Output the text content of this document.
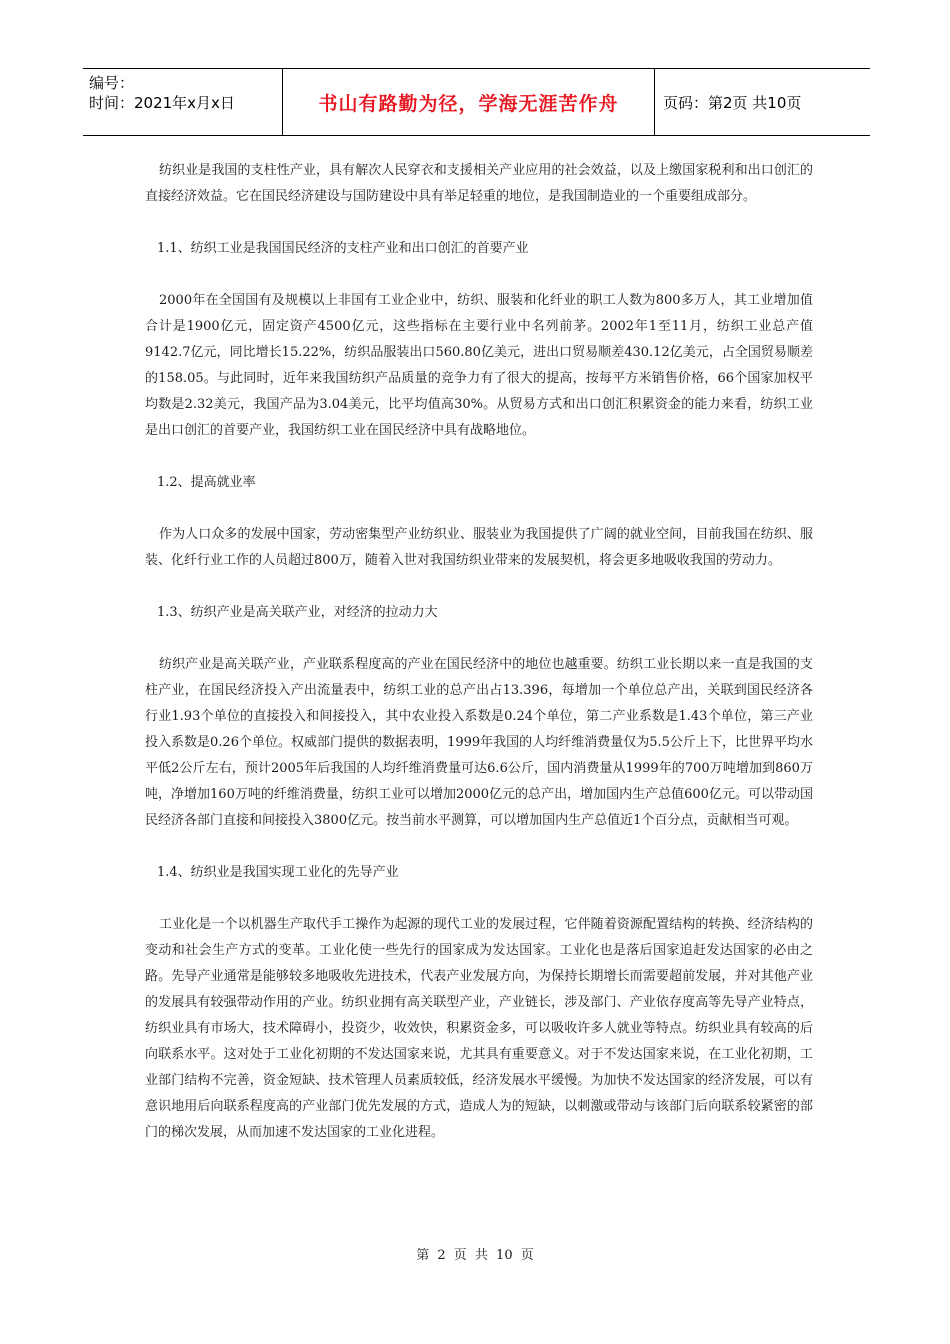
编号：
时间：2021年x月x日	书山有路勤为径，学海无涯苦作舟	页码：第2页 共10页

纺织业是我国的支柱性产业，具有解次人民穿衣和支援相关产业应用的社会效益，以及上缴国家税利和出口创汇的直接经济效益。它在国民经济建设与国防建设中具有举足轻重的地位，是我国制造业的一个重要组成部分。

1.1、纺织工业是我国国民经济的支柱产业和出口创汇的首要产业

2000年在全国国有及规模以上非国有工业企业中，纺织、服装和化纤业的职工人数为800多万人，其工业增加值合计是1900亿元，固定资产4500亿元，这些指标在主要行业中名列前茅。2002年1至11月，纺织工业总产值9142.7亿元，同比增长15.22%，纺织品服装出口560.80亿美元，进出口贸易顺差430.12亿美元，占全国贸易顺差的158.05。与此同时，近年来我国纺织产品质量的竞争力有了很大的提高，按每平方米销售价格，66个国家加权平均数是2.32美元，我国产品为3.04美元，比平均值高30%。从贸易方式和出口创汇积累资金的能力来看，纺织工业是出口创汇的首要产业，我国纺织工业在国民经济中具有战略地位。

1.2、提高就业率

作为人口众多的发展中国家，劳动密集型产业纺织业、服装业为我国提供了广阔的就业空间，目前我国在纺织、服装、化纤行业工作的人员超过800万，随着入世对我国纺织业带来的发展契机，将会更多地吸收我国的劳动力。

1.3、纺织产业是高关联产业，对经济的拉动力大

纺织产业是高关联产业，产业联系程度高的产业在国民经济中的地位也越重要。纺织工业长期以来一直是我国的支柱产业，在国民经济投入产出流量表中，纺织工业的总产出占13.396，每增加一个单位总产出，关联到国民经济各行业1.93个单位的直接投入和间接投入，其中农业投入系数是0.24个单位，第二产业系数是1.43个单位，第三产业投入系数是0.26个单位。权威部门提供的数据表明，1999年我国的人均纤维消费量仅为5.5公斤上下，比世界平均水平低2公斤左右，预计2005年后我国的人均纤维消费量可达6.6公斤，国内消费量从1999年的700万吨增加到860万吨，净增加160万吨的纤维消费量，纺织工业可以增加2000亿元的总产出，增加国内生产总值600亿元。可以带动国民经济各部门直接和间接投入3800亿元。按当前水平测算，可以增加国内生产总值近1个百分点，贡献相当可观。

1.4、纺织业是我国实现工业化的先导产业

工业化是一个以机器生产取代手工操作为起源的现代工业的发展过程，它伴随着资源配置结构的转换、经济结构的变动和社会生产方式的变革。工业化使一些先行的国家成为发达国家。工业化也是落后国家追赶发达国家的必由之路。先导产业通常是能够较多地吸收先进技术，代表产业发展方向，为保持长期增长而需要超前发展，并对其他产业的发展具有较强带动作用的产业。纺织业拥有高关联型产业，产业链长，涉及部门、产业依存度高等先导产业特点，纺织业具有市场大，技术障碍小，投资少，收效快，积累资金多，可以吸收许多人就业等特点。纺织业具有较高的后向联系水平。这对处于工业化初期的不发达国家来说，尤其具有重要意义。对于不发达国家来说，在工业化初期，工业部门结构不完善，资金短缺、技术管理人员素质较低，经济发展水平缓慢。为加快不发达国家的经济发展，可以有意识地用后向联系程度高的产业部门优先发展的方式，造成人为的短缺，以刺激或带动与该部门后向联系较紧密的部门的梯次发展，从而加速不发达国家的工业化进程。

第 2 页 共 10 页
